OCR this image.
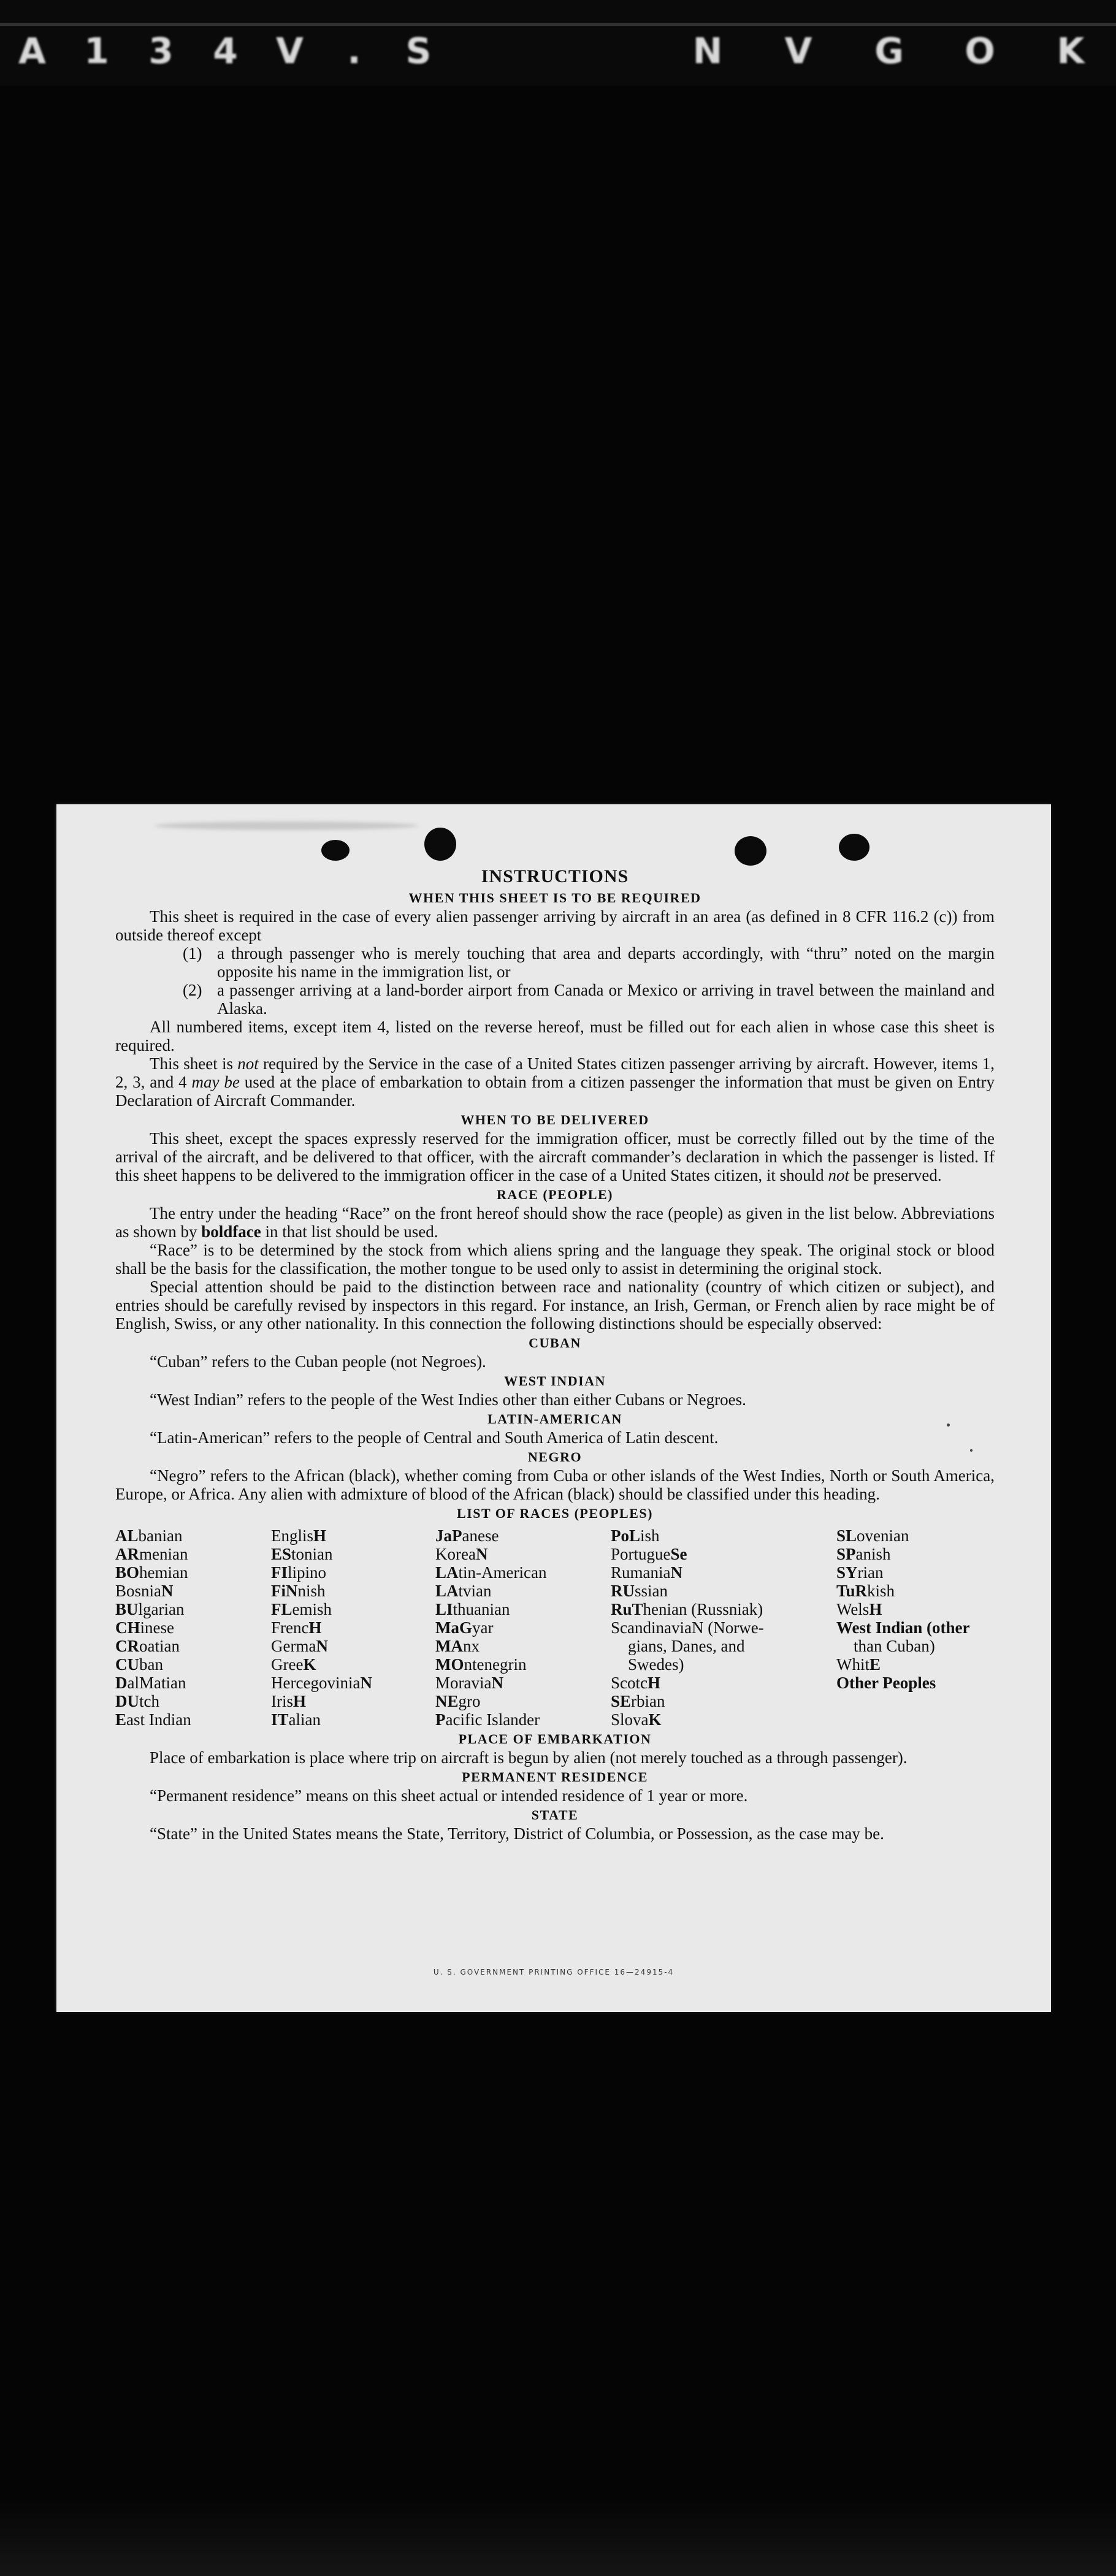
A 1 3 4 V . S	N V G O K
INSTRUCTIONS
WHEN THIS SHEET IS TO BE REQUIRED

This sheet is required in the case of every alien passenger arriving by aircraft in an area (as defined in 8 CFR 116.2 (c)) from outside thereof except

(1) a through passenger who is merely touching that area and departs accordingly, with “thru” noted on the margin opposite his name in the immigration list, or
(2) a passenger arriving at a land-border airport from Canada or Mexico or arriving in travel between the mainland and Alaska.

All numbered items, except item 4, listed on the reverse hereof, must be filled out for each alien in whose case this sheet is required.

This sheet is not required by the Service in the case of a United States citizen passenger arriving by aircraft. However, items 1, 2, 3, and 4 may be used at the place of embarkation to obtain from a citizen passenger the information that must be given on Entry Declaration of Aircraft Commander.

WHEN TO BE DELIVERED

This sheet, except the spaces expressly reserved for the immigration officer, must be correctly filled out by the time of the arrival of the aircraft, and be delivered to that officer, with the aircraft commander’s declaration in which the passenger is listed. If this sheet happens to be delivered to the immigration officer in the case of a United States citizen, it should not be preserved.

RACE (PEOPLE)

The entry under the heading “Race” on the front hereof should show the race (people) as given in the list below. Abbreviations as shown by boldface in that list should be used.

“Race” is to be determined by the stock from which aliens spring and the language they speak. The original stock or blood shall be the basis for the classification, the mother tongue to be used only to assist in determining the original stock.

Special attention should be paid to the distinction between race and nationality (country of which citizen or subject), and entries should be carefully revised by inspectors in this regard. For instance, an Irish, German, or French alien by race might be of English, Swiss, or any other nationality. In this connection the following distinctions should be especially observed:

CUBAN

“Cuban” refers to the Cuban people (not Negroes).

WEST INDIAN

“West Indian” refers to the people of the West Indies other than either Cubans or Negroes.

LATIN-AMERICAN

“Latin-American” refers to the people of Central and South America of Latin descent.

NEGRO

“Negro” refers to the African (black), whether coming from Cuba or other islands of the West Indies, North or South America, Europe, or Africa. Any alien with admixture of blood of the African (black) should be classified under this heading.

LIST OF RACES (PEOPLES)
ALbanian
ARmenian
BOhemian
BosniaN
BUlgarian
CHinese
CRoatian
CUban
DalMatian
DUtch
East Indian
EnglisH
EStonian
FIlipino
FiNnish
FLemish
FrencH
GermaN
GreeK
HercegoviniaN
IrisH
ITalian
JaPanese
KoreaN
LAtin-American
LAtvian
LIthuanian
MaGyar
MAnx
MOntenegrin
MoraviaN
NEgro
Pacific Islander
PoLish
PortugueSe
RumaniaN
RUssian
RuThenian (Russniak)
ScandinaviaN (Norwe-
gians, Danes, and
Swedes)
ScotcH
SErbian
SlovaK
SLovenian
SPanish
SYrian
TuRkish
WelsH
West Indian (other
than Cuban)
WhitE
Other Peoples
PLACE OF EMBARKATION

Place of embarkation is place where trip on aircraft is begun by alien (not merely touched as a through passenger).

PERMANENT RESIDENCE

“Permanent residence” means on this sheet actual or intended residence of 1 year or more.

STATE

“State” in the United States means the State, Territory, District of Columbia, or Possession, as the case may be.

U. S. GOVERNMENT PRINTING OFFICE 16—24915-4
